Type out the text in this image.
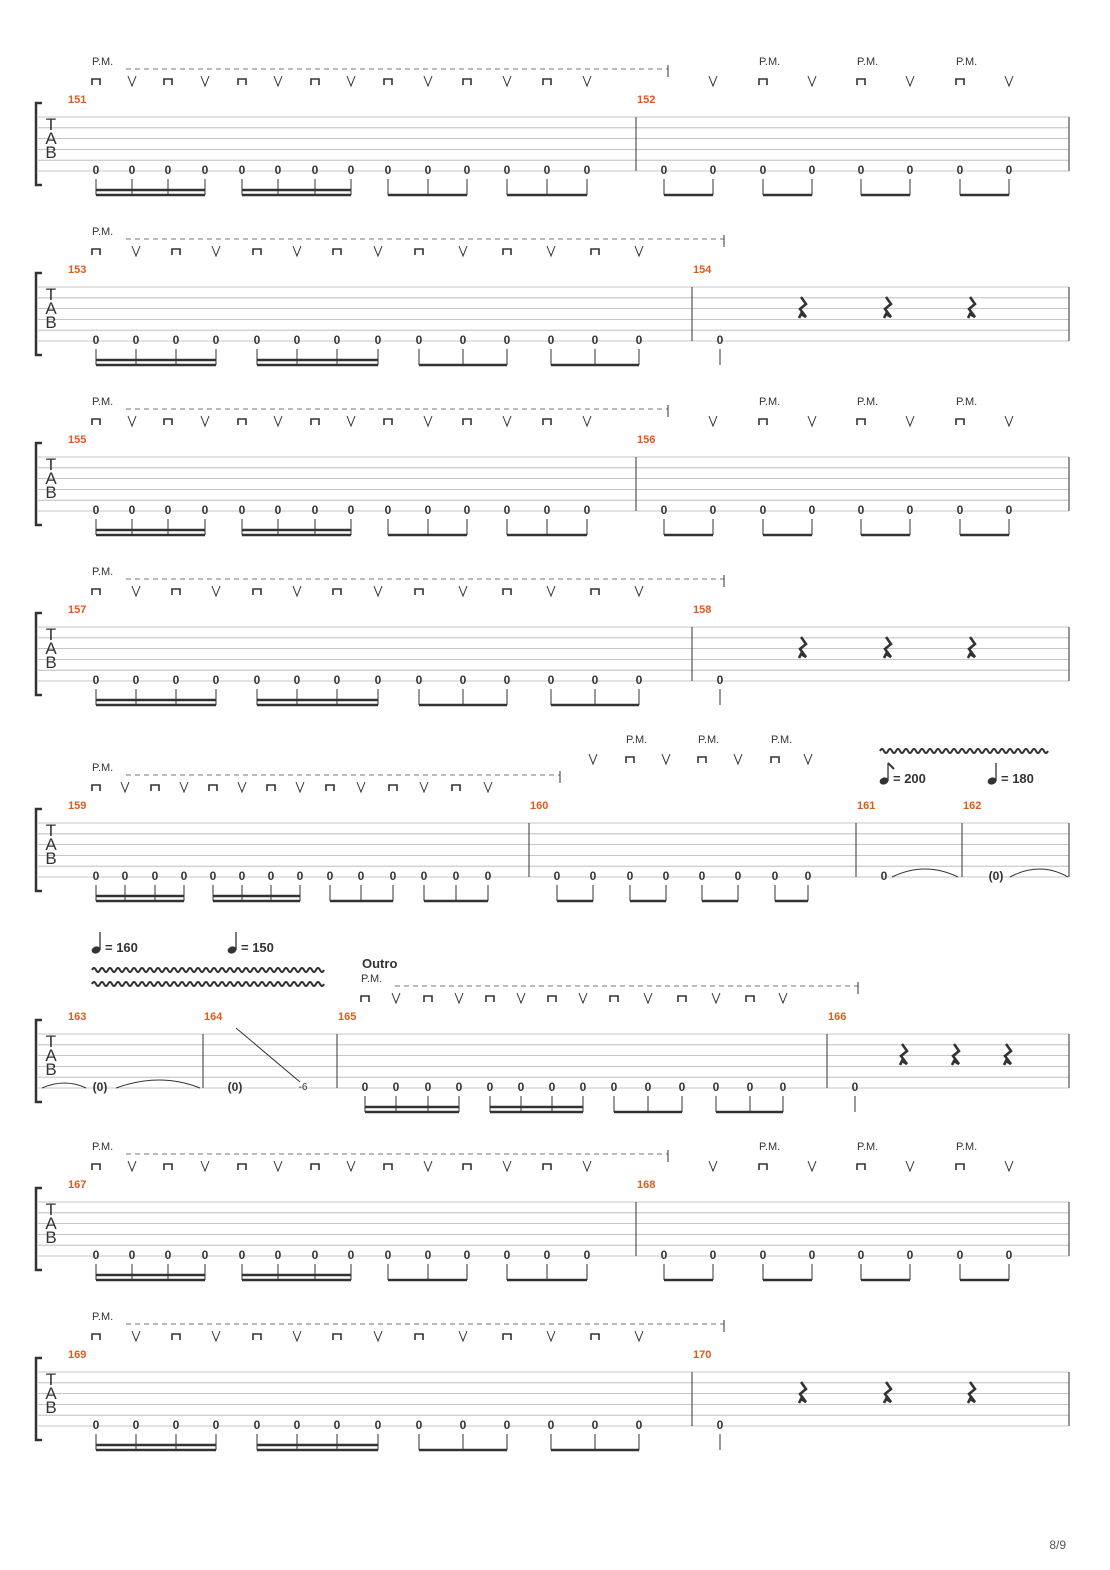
T
A
B
151	152
0 0 0	0	0 0	0 0	0	0	0	0	0	0	0	0	0	0	0	0	0	0
P.M.	P.M.	P.M.	P.M.
T
A
B
153	154
0	0	0	0	0	0	0	0	0	0	0	0	0	0
P.M.
0
T
A
B
155	156
0 0 0	0	0 0	0 0	0	0	0	0	0	0	0	0	0	0	0	0	0	0
P.M.	P.M.	P.M.	P.M.
T
A
B
157	158
0	0	0	0	0	0	0	0	0	0	0	0	0	0
P.M.
0
T
A
B
159	160	161	162
0 0 0 0 0 0 0 0 0 0 0 0 0 0
P.M.
0 0	0 0 0 0	0 0
P.M.	P.M.	P.M.
0	(0)
= 200	= 180
T
A
B
163	164	165	166
(0)	(0)	-6	0 0 0 0 0 0 0 0 0 0 0 0 0 0
Outro
P.M.
0
= 160	= 150
T
A
B
167	168
0 0 0	0	0 0	0 0	0	0	0	0	0	0	0	0	0	0	0	0	0	0
P.M.	P.M.	P.M.	P.M.
T
A
B
169	170
0	0	0	0	0	0	0	0	0	0	0	0	0	0
P.M.
0
8/9
